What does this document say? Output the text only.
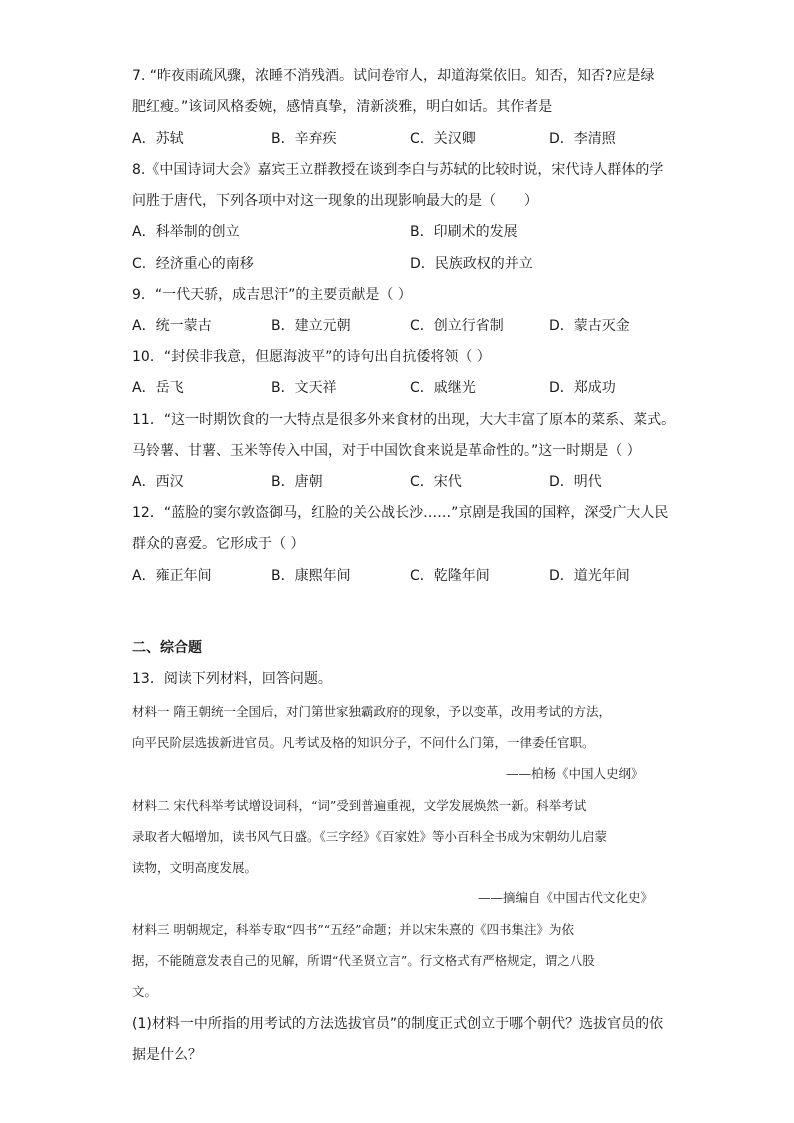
7. “昨夜雨疏风骤，浓睡不消残酒。试问卷帘人，却道海棠依旧。知否，知否?应是绿
肥红瘦。”该词风格委婉，感情真挚，清新淡雅，明白如话。其作者是
A．苏轼	B．辛弃疾	C．关汉卿	D．李清照
8.《中国诗词大会》嘉宾王立群教授在谈到李白与苏轼的比较时说，宋代诗人群体的学
问胜于唐代，下列各项中对这一现象的出现影响最大的是（　　）
A．科举制的创立	B．印刷术的发展
C．经济重心的南移	D．民族政权的并立
9．“一代天骄，成吉思汗”的主要贡献是（ ）
A．统一蒙古	B．建立元朝	C．创立行省制	D．蒙古灭金
10．“封侯非我意，但愿海波平”的诗句出自抗倭将领（ ）
A．岳飞	B．文天祥	C．戚继光	D．郑成功
11．“这一时期饮食的一大特点是很多外来食材的出现，大大丰富了原本的菜系、菜式。
马铃薯、甘薯、玉米等传入中国，对于中国饮食来说是革命性的。”这一时期是（ ）
A．西汉	B．唐朝	C．宋代	D．明代
12．“蓝脸的窦尔敦盗御马，红脸的关公战长沙……”京剧是我国的国粹，深受广大人民
群众的喜爱。它形成于（ ）
A．雍正年间	B．康熙年间	C．乾隆年间	D．道光年间
二、综合题
13．阅读下列材料，回答问题。
材料一 隋王朝统一全国后，对门第世家独霸政府的现象，予以变革，改用考试的方法，
向平民阶层选拔新进官员。凡考试及格的知识分子，不问什么门第，一律委任官职。
——柏杨《中国人史纲》
材料二 宋代科举考试增设词科，“词”受到普遍重视，文学发展焕然一新。科举考试
录取者大幅增加，读书风气日盛。《三字经》《百家姓》等小百科全书成为宋朝幼儿启蒙
读物，文明高度发展。
——摘编自《中国古代文化史》
材料三 明朝规定，科举专取“四书”“五经”命题；并以宋朱熹的《四书集注》为依
据，不能随意发表自己的见解，所谓“代圣贤立言”。行文格式有严格规定，谓之八股
文。
(1)材料一中所指的用考试的方法选拔官员”的制度正式创立于哪个朝代？选拔官员的依
据是什么？
